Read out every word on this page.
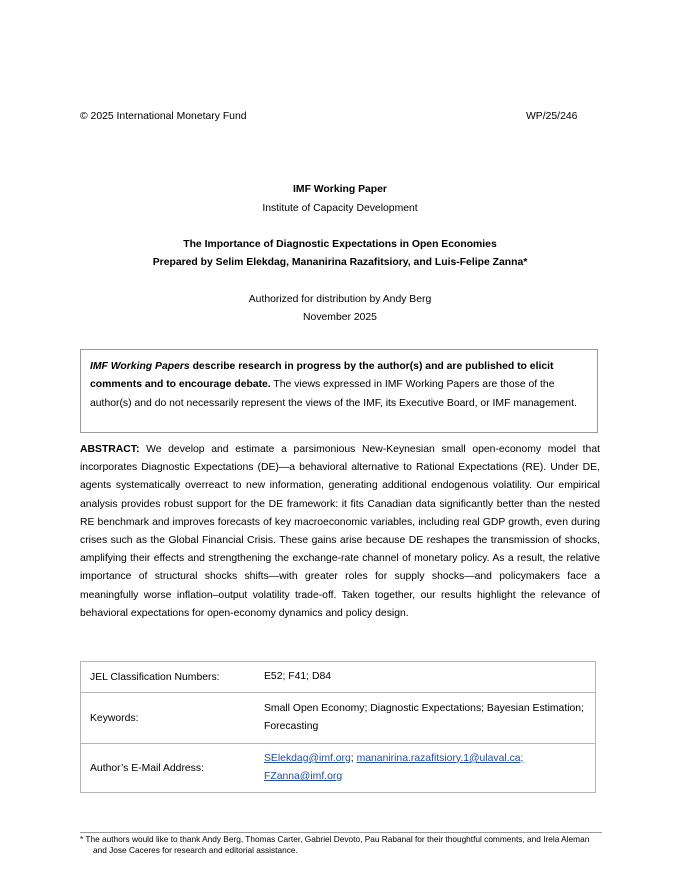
© 2025 International Monetary Fund	WP/25/246
IMF Working Paper
Institute of Capacity Development
The Importance of Diagnostic Expectations in Open Economies
Prepared by Selim Elekdag, Mananirina Razafitsiory, and Luis-Felipe Zanna*
Authorized for distribution by Andy Berg
November 2025
IMF Working Papers describe research in progress by the author(s) and are published to elicit comments and to encourage debate. The views expressed in IMF Working Papers are those of the author(s) and do not necessarily represent the views of the IMF, its Executive Board, or IMF management.
ABSTRACT: We develop and estimate a parsimonious New-Keynesian small open-economy model that incorporates Diagnostic Expectations (DE)—a behavioral alternative to Rational Expectations (RE). Under DE, agents systematically overreact to new information, generating additional endogenous volatility. Our empirical analysis provides robust support for the DE framework: it fits Canadian data significantly better than the nested RE benchmark and improves forecasts of key macroeconomic variables, including real GDP growth, even during crises such as the Global Financial Crisis. These gains arise because DE reshapes the transmission of shocks, amplifying their effects and strengthening the exchange-rate channel of monetary policy. As a result, the relative importance of structural shocks shifts—with greater roles for supply shocks—and policymakers face a meaningfully worse inflation–output volatility trade-off. Taken together, our results highlight the relevance of behavioral expectations for open-economy dynamics and policy design.
JEL Classification Numbers:	E52; F41; D84
Keywords:	Small Open Economy; Diagnostic Expectations; Bayesian Estimation; Forecasting
Author’s E-Mail Address:	SElekdag@imf.org; mananirina.razafitsiory.1@ulaval.ca;
FZanna@imf.org
* The authors would like to thank Andy Berg, Thomas Carter, Gabriel Devoto, Pau Rabanal for their thoughtful comments, and Irela Aleman and Jose Caceres for research and editorial assistance.
